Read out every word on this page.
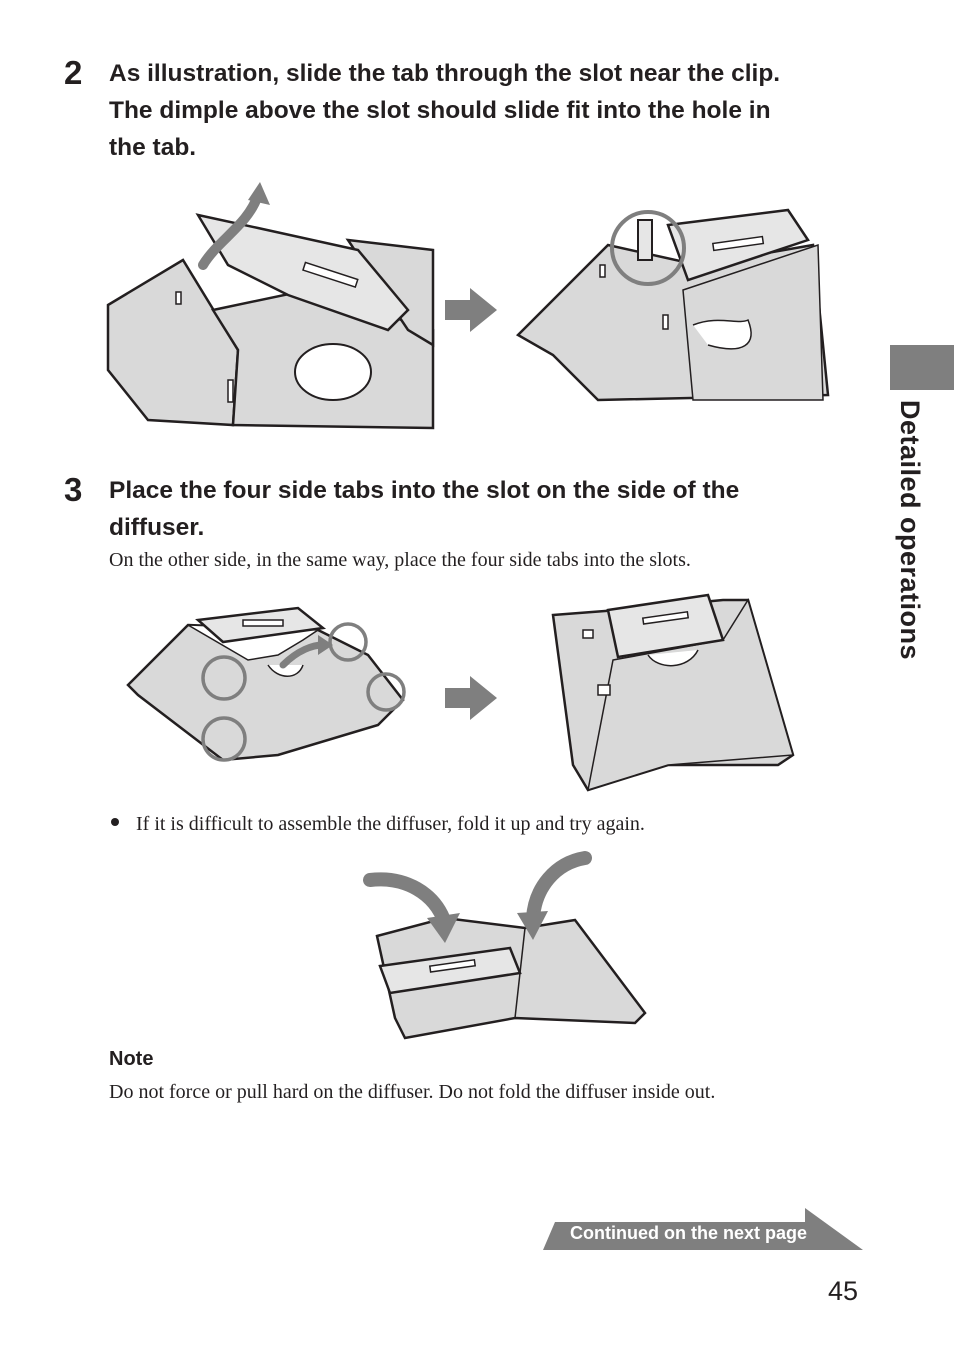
2 As illustration, slide the tab through the slot near the clip.
The dimple above the slot should slide fit into the hole in
the tab.
3 Place the four side tabs into the slot on the side of the
diffuser.
On the other side, in the same way, place the four side tabs into the slots.
If it is difficult to assemble the diffuser, fold it up and try again.
Note
Do not force or pull hard on the diffuser. Do not fold the diffuser inside out.
Detailed operations
Continued on the next page
45
